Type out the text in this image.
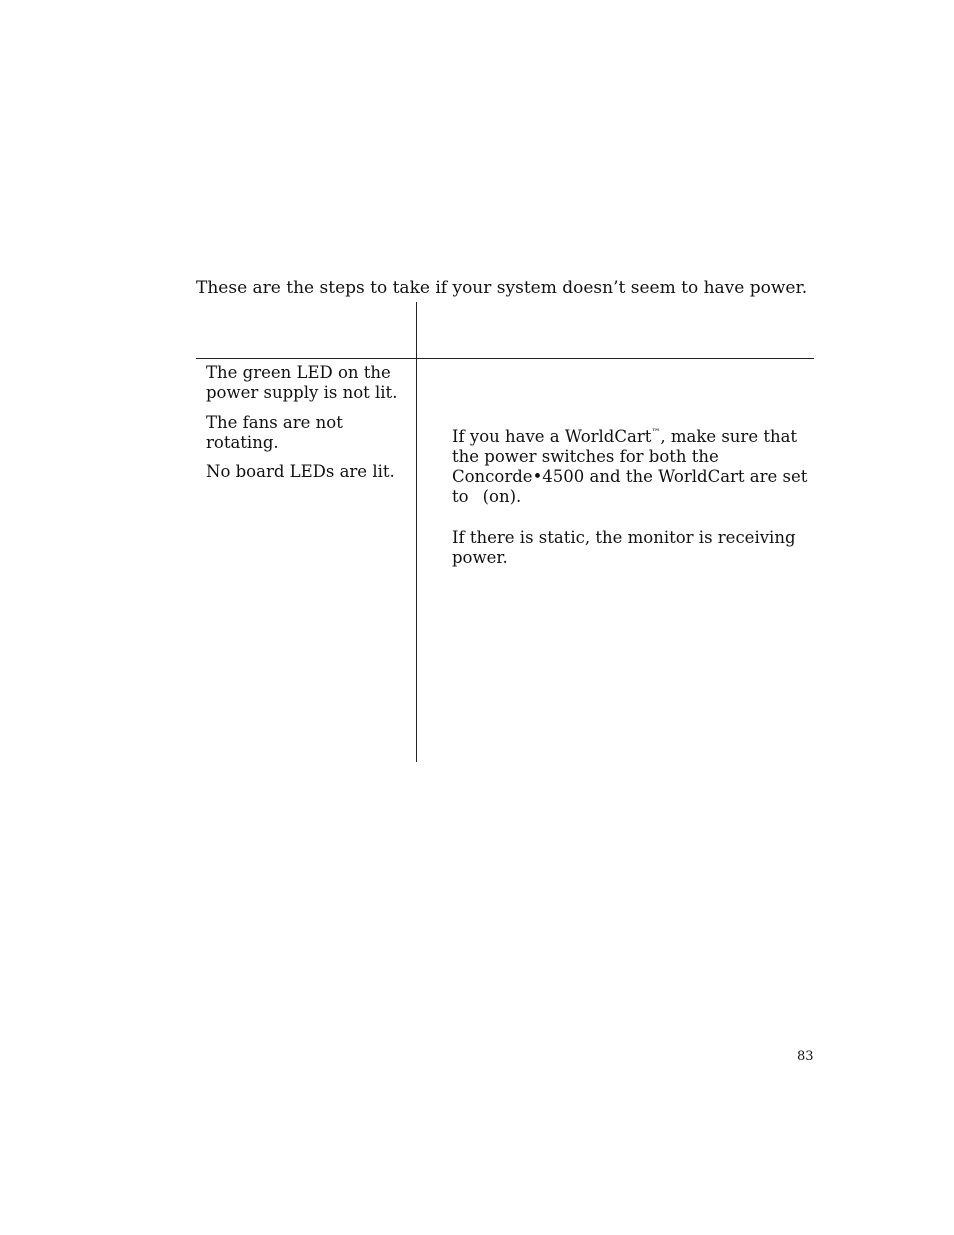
These are the steps to take if your system doesn’t seem to have power.

The green LED on the power supply is not lit.

The fans are not rotating.

No board LEDs are lit.

If you have a WorldCart™, make sure that the power switches for both the Concorde•4500 and the WorldCart are set to (on).

If there is static, the monitor is receiving power.

83
